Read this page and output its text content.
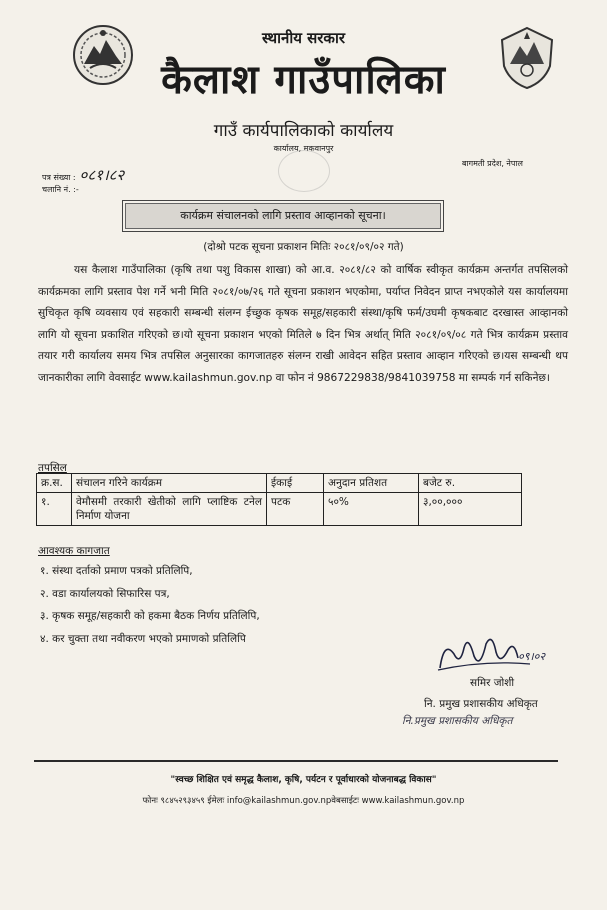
स्थानीय सरकार
कैलाश गाउँपालिका
गाउँ कार्यपालिकाको कार्यालय
कार्यालय, मकवानपुर
पत्र संख्या : ०८१।८२
चलानि नं. :-
बागमती प्रदेश, नेपाल
कार्यक्रम संचालनको लागि प्रस्ताव आव्हानको सूचना।
(दोश्रो पटक सूचना प्रकाशन मितिः २०८१/०९/०२ गते)
यस कैलाश गाउँपालिका (कृषि तथा पशु विकास शाखा) को आ.व. २०८१/८२ को वार्षिक स्वीकृत कार्यक्रम अन्तर्गत तपसिलको कार्यक्रमका लागि प्रस्ताव पेश गर्ने भनी मिति २०८१/०७/२६ गते सूचना प्रकाशन भएकोमा, पर्याप्त निवेदन प्राप्त नभएकोले यस कार्यालयमा सुचिकृत कृषि व्यवसाय एवं सहकारी सम्बन्धी संलग्न ईच्छुक कृषक समूह/सहकारी संस्था/कृषि फर्म/उघमी कृषकबाट दरखास्त आव्हानको लागि यो सूचना प्रकाशित गरिएको छ।यो सूचना प्रकाशन भएको मितिले ७ दिन भित्र अर्थात् मिति २०८१/०९/०८ गते भित्र कार्यक्रम प्रस्ताव तयार गरी कार्यालय समय भित्र तपसिल अनुसारका कागजातहरु संलग्न राखी आवेदन सहित प्रस्ताव आव्हान गरिएको छ।यस सम्बन्धी थप जानकारीका लागि वेवसाईट www.kailashmun.gov.np वा फोन नं 9867229838/9841039758 मा सम्पर्क गर्न सकिनेछ।
तपसिल
क्र.स.	संचालन गरिने कार्यक्रम	ईकाई	अनुदान प्रतिशत	बजेट रु.
१.	वेमौसमी तरकारी खेतीको लागि प्लाष्टिक टनेल निर्माण योजना	पटक	५०%	३,००,०००
आवश्यक कागजात
१. संस्था दर्ताको प्रमाण पत्रको प्रतिलिपि,
२. वडा कार्यालयको सिफारिस पत्र,
३. कृषक समूह/सहकारी को हकमा बैठक निर्णय प्रतिलिपि,
४. कर चुक्ता तथा नवीकरण भएको प्रमाणको प्रतिलिपि
०९।०२
समिर जोशी
नि. प्रमुख प्रशासकीय अधिकृत
नि.प्रमुख प्रशासकीय अधिकृत
"स्वच्छ शिक्षित एवं समृद्ध कैलाश, कृषि, पर्यटन र पूर्वाधारको योजनाबद्ध विकास"
फोनः ९८४५२९३४५९ ईमेलः info@kailashmun.gov.npवेबसाईटः www.kailashmun.gov.np
